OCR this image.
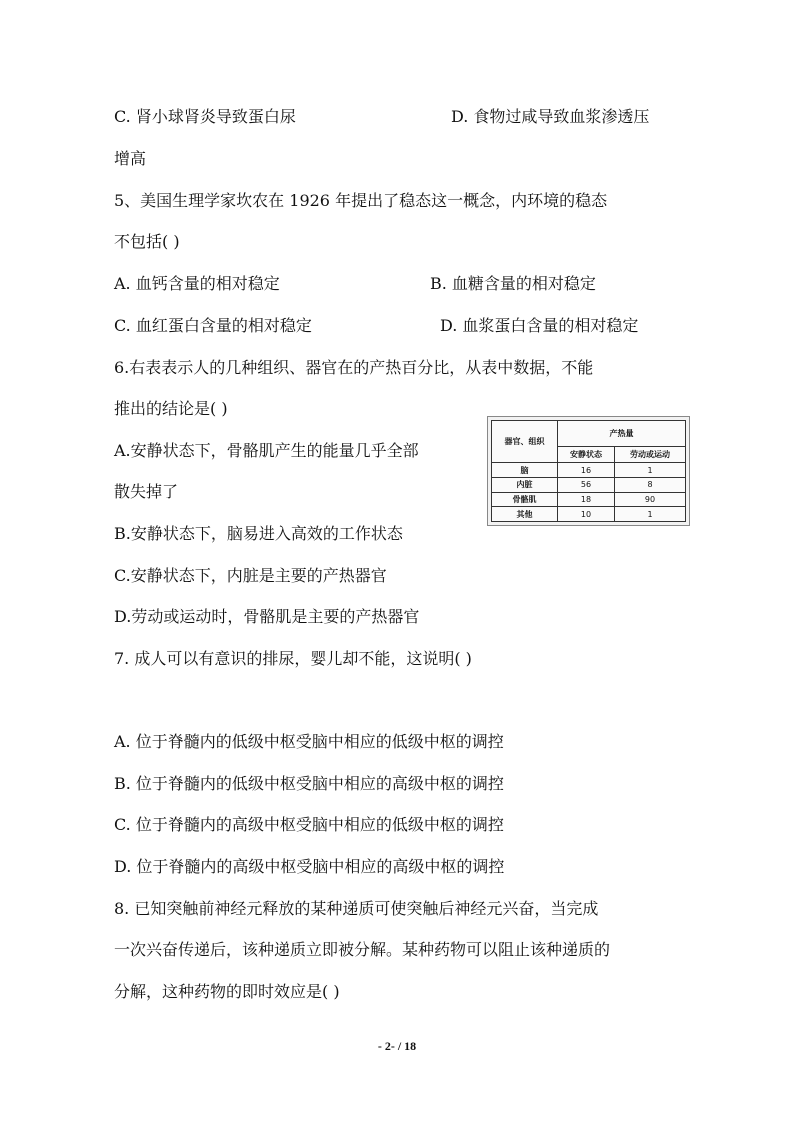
C. 肾小球肾炎导致蛋白尿	D. 食物过咸导致血浆渗透压
增高
5、美国生理学家坎农在 1926 年提出了稳态这一概念，内环境的稳态
不包括( )
A. 血钙含量的相对稳定	B. 血糖含量的相对稳定
C. 血红蛋白含量的相对稳定	D. 血浆蛋白含量的相对稳定
6.右表表示人的几种组织、器官在的产热百分比，从表中数据，不能
推出的结论是( )
A.安静状态下，骨骼肌产生的能量几乎全部
散失掉了
B.安静状态下，脑易进入高效的工作状态
C.安静状态下，内脏是主要的产热器官
D.劳动或运动时，骨骼肌是主要的产热器官
器官、组织	产热量	
	安静状态	劳动或运动
脑	16	1
内脏	56	8
骨骼肌	18	90
其他	10	1
7. 成人可以有意识的排尿，婴儿却不能，这说明( )
A. 位于脊髓内的低级中枢受脑中相应的低级中枢的调控
B. 位于脊髓内的低级中枢受脑中相应的高级中枢的调控
C. 位于脊髓内的高级中枢受脑中相应的低级中枢的调控
D. 位于脊髓内的高级中枢受脑中相应的高级中枢的调控
8. 已知突触前神经元释放的某种递质可使突触后神经元兴奋，当完成
一次兴奋传递后，该种递质立即被分解。某种药物可以阻止该种递质的
分解，这种药物的即时效应是( )
- 2- / 18
